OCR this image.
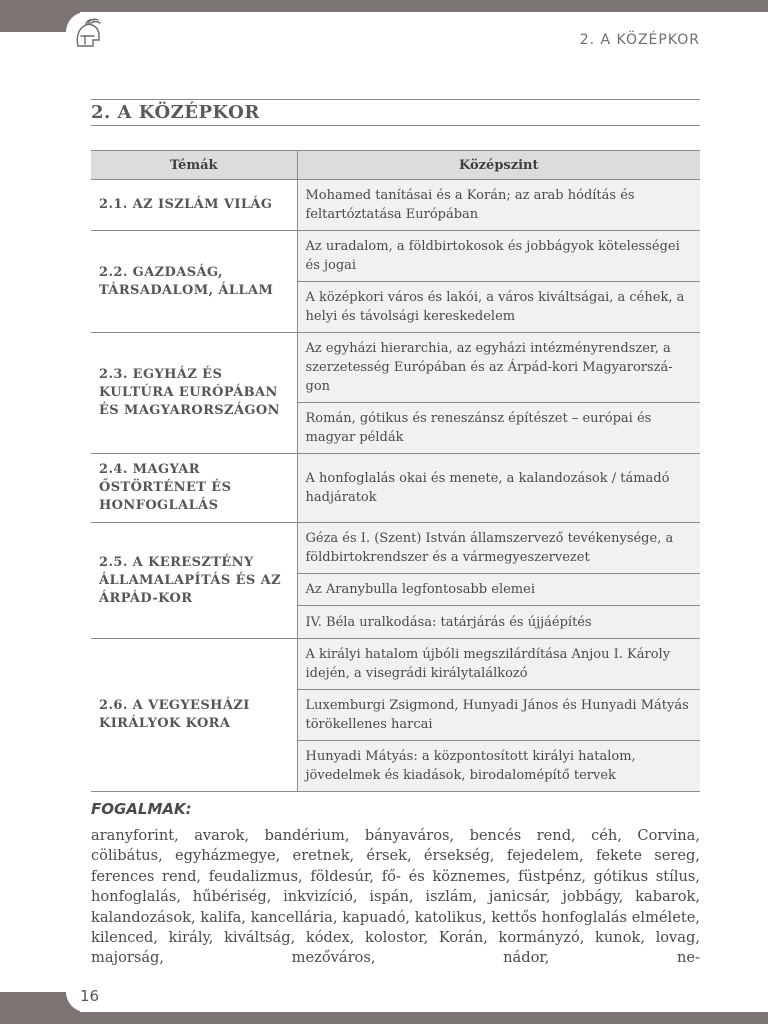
2. A KÖZÉPKOR
2. A KÖZÉPKOR
Témák	Középszint
2.1. AZ ISZLÁM VILÁG	Mohamed tanításai és a Korán; az arab hódítás és feltartóztatása Európában
2.2. GAZDASÁG, TÁRSADALOM, ÁLLAM	Az uradalom, a földbirtokosok és jobbágyok kötelességei és jogai
	A középkori város és lakói, a város kiváltságai, a céhek, a helyi és távolsági kereskedelem
2.3. EGYHÁZ ÉS KULTÚRA EURÓPÁBAN ÉS MAGYARORSZÁGON	Az egyházi hierarchia, az egyházi intézményrendszer, a szerzetesség Európában és az Árpád-kori Magyarorszá-gon
	Román, gótikus és reneszánsz építészet – európai és magyar példák
2.4. MAGYAR ŐSTÖRTÉNET ÉS HONFOGLALÁS	A honfoglalás okai és menete, a kalandozások / támadó hadjáratok
2.5. A KERESZTÉNY ÁLLAMALAPÍTÁS ÉS AZ ÁRPÁD-KOR	Géza és I. (Szent) István államszervező tevékenysége, a földbirtokrendszer és a vármegyeszervezet
	Az Aranybulla legfontosabb elemei
	IV. Béla uralkodása: tatárjárás és újjáépítés
2.6. A VEGYESHÁZI KIRÁLYOK KORA	A királyi hatalom újbóli megszilárdítása Anjou I. Károly idején, a visegrádi királytalálkozó
	Luxemburgi Zsigmond, Hunyadi János és Hunyadi Mátyás törökellenes harcai
	Hunyadi Mátyás: a központosított királyi hatalom, jövedelmek és kiadások, birodalomépítő tervek
FOGALMAK:
aranyforint, avarok, bandérium, bányaváros, bencés rend, céh, Corvina, cölibátus, egyházmegye, eretnek, érsek, érsekség, fejedelem, fekete sereg, ferences rend, feudalizmus, földesúr, fő- és köznemes, füstpénz, gótikus stílus, honfoglalás, hűbériség, inkvizíció, ispán, iszlám, janicsár, jobbágy, kabarok, kalandozások, kalifa, kancellária, kapuadó, katolikus, kettős honfoglalás elmélete, kilenced, király, kiváltság, kódex, kolostor, Korán, kormányzó, kunok, lovag, majorság, mezőváros, nádor, ne-
16
